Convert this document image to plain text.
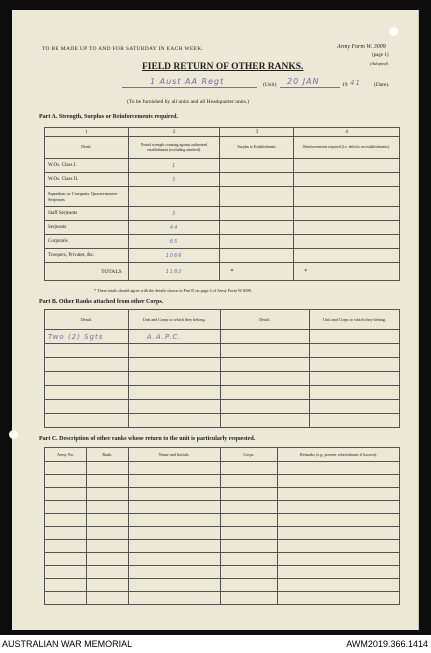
TO BE MADE UP TO AND FOR SATURDAY IN EACH WEEK.	Army Form W. 3009
(page 1)
(Adopted)
FIELD RETURN OF OTHER RANKS.
1 Aust AA Regt	(Unit) 20 JAN	19 41 (Date).
(To be furnished by all units and all Headquarter units.)
Part A. Strength, Surplus or Reinforcements required.
1	2	3	4
Detail.	Posted strength counting against authorized establishment (excluding attached).	Surplus to Establishment.	Reinforcements required (i.e. deficits on establishments).
W.Os. Class I.	1		
W.Os. Class II.	3		
Squadron or Company Quartermaster-Serjeants			
Staff Serjeants	3		
Serjeants	44		
Corporals	65		
Troopers, Privates, &c.	1066		
TOTALS	1182	*	*
* These totals should agree with the details shown in Part D on page 2 of Army Form W.3009.
Part B. Other Ranks attached from other Corps.
Detail.	Unit and Corps to which they belong.	Detail.	Unit and Corps to which they belong.
Two (2) Sgts	A.A.P.C.		

Part C. Description of other ranks whose return to the unit is particularly requested.
Army No.	Rank.	Name and Initials.	Corps.	Remarks (e.g. present whereabouts if known).

AUSTRALIAN WAR MEMORIAL	AWM2019.366.1414
